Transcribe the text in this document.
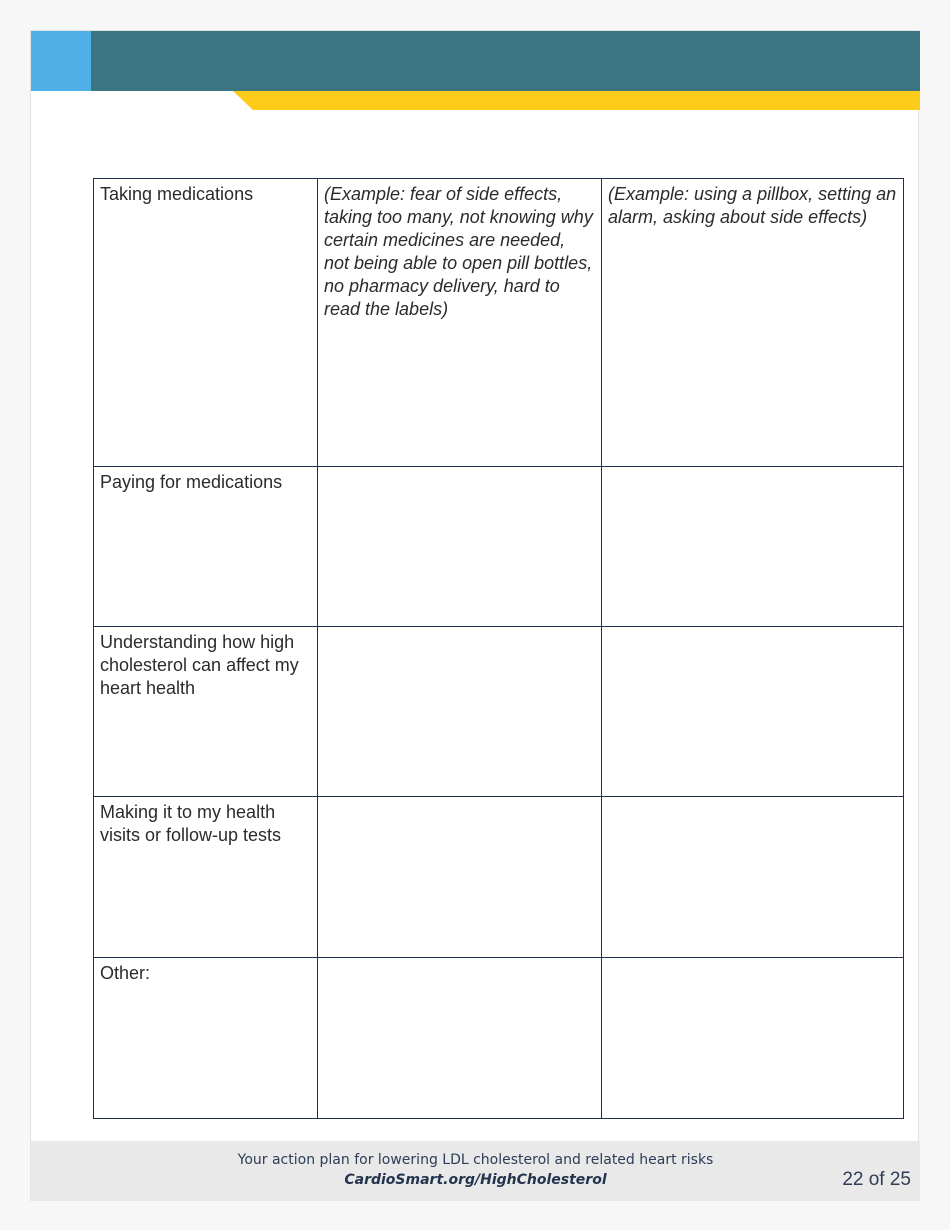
Taking medications	(Example: fear of side effects, taking too many, not knowing why certain medicines are needed, not being able to open pill bottles, no pharmacy delivery, hard to read the labels)	(Example: using a pillbox, setting an alarm, asking about side effects)
Paying for medications		
Understanding how high cholesterol can affect my heart health		
Making it to my health visits or follow-up tests		
Other:		
Your action plan for lowering LDL cholesterol and related heart risks
CardioSmart.org/HighCholesterol	22 of 25
